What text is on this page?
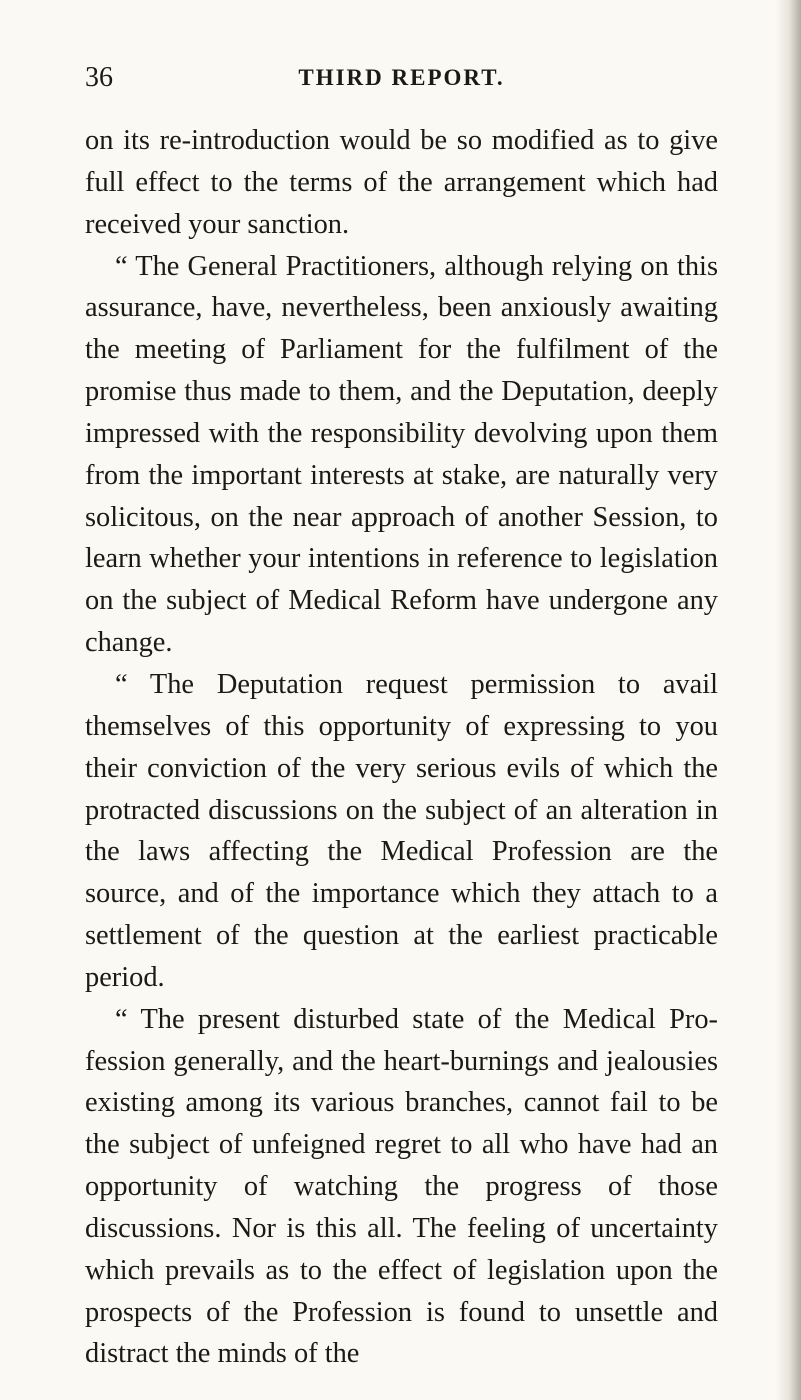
36	THIRD REPORT.

on its re-introduction would be so modified as to give full effect to the terms of the arrangement which had received your sanction.

“ The General Practitioners, although relying on this assurance, have, nevertheless, been anxiously awaiting the meeting of Parliament for the fulfilment of the promise thus made to them, and the Deputation, deeply impressed with the responsibility devolving upon them from the important interests at stake, are naturally very solicitous, on the near approach of another Session, to learn whether your intentions in reference to legislation on the subject of Medical Reform have undergone any change.

“ The Deputation request permission to avail themselves of this opportunity of expressing to you their conviction of the very serious evils of which the protracted discussions on the subject of an alteration in the laws affecting the Medical Profession are the source, and of the importance which they attach to a settlement of the question at the earliest practicable period.

“ The present disturbed state of the Medical Profession generally, and the heart-burnings and jealousies existing among its various branches, cannot fail to be the subject of unfeigned regret to all who have had an opportunity of watching the progress of those discussions. Nor is this all. The feeling of uncertainty which prevails as to the effect of legislation upon the prospects of the Profession is found to unsettle and distract the minds of the
